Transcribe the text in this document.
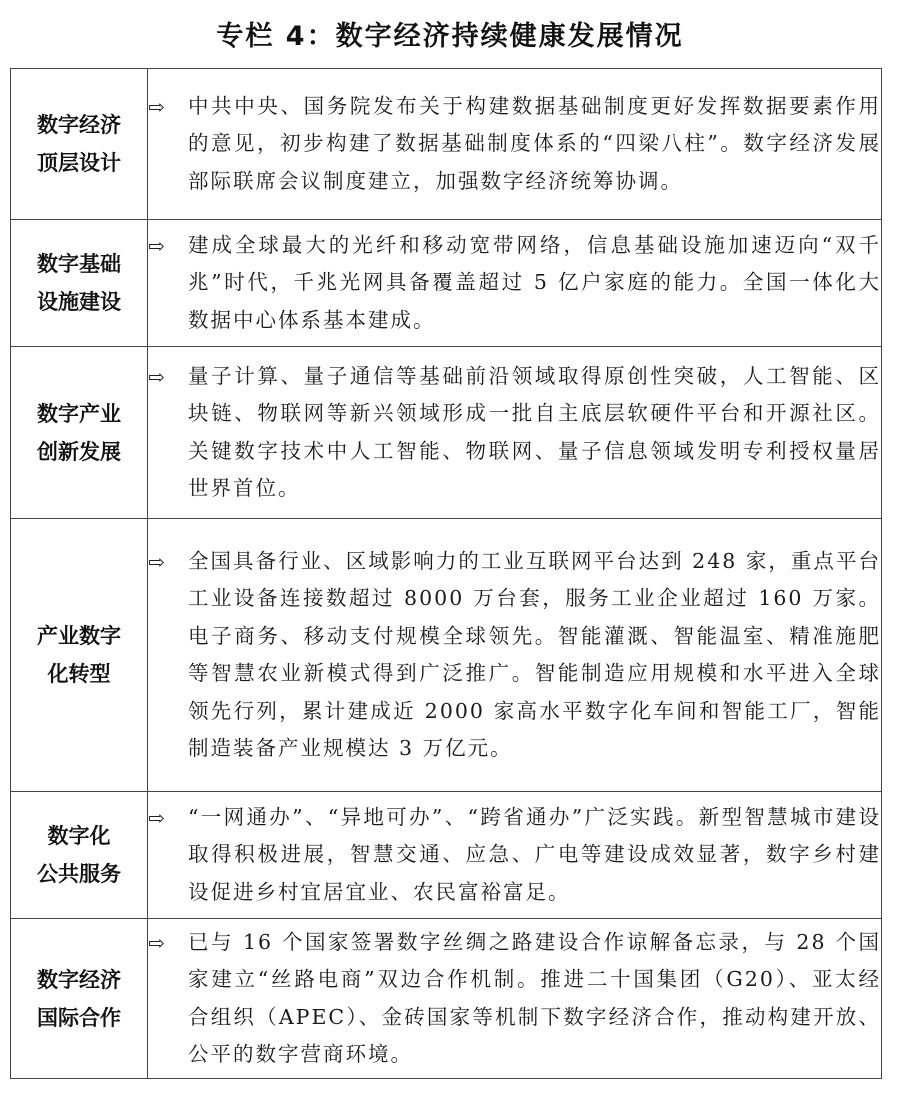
专栏 4：数字经济持续健康发展情况
数字经济
顶层设计	⇨ 中共中央、国务院发布关于构建数据基础制度更好发挥数据要素作用的意见，初步构建了数据基础制度体系的“四梁八柱”。数字经济发展部际联席会议制度建立，加强数字经济统筹协调。

数字基础
设施建设	⇨ 建成全球最大的光纤和移动宽带网络，信息基础设施加速迈向“双千兆”时代，千兆光网具备覆盖超过 5 亿户家庭的能力。全国一体化大数据中心体系基本建成。

数字产业
创新发展	⇨ 量子计算、量子通信等基础前沿领域取得原创性突破，人工智能、区块链、物联网等新兴领域形成一批自主底层软硬件平台和开源社区。关键数字技术中人工智能、物联网、量子信息领域发明专利授权量居世界首位。

产业数字
化转型	⇨ 全国具备行业、区域影响力的工业互联网平台达到 248 家，重点平台工业设备连接数超过 8000 万台套，服务工业企业超过 160 万家。电子商务、移动支付规模全球领先。智能灌溉、智能温室、精准施肥等智慧农业新模式得到广泛推广。智能制造应用规模和水平进入全球领先行列，累计建成近 2000 家高水平数字化车间和智能工厂，智能制造装备产业规模达 3 万亿元。

数字化
公共服务	⇨ “一网通办”、“异地可办”、“跨省通办”广泛实践。新型智慧城市建设取得积极进展，智慧交通、应急、广电等建设成效显著，数字乡村建设促进乡村宜居宜业、农民富裕富足。

数字经济
国际合作	⇨ 已与 16 个国家签署数字丝绸之路建设合作谅解备忘录，与 28 个国家建立“丝路电商”双边合作机制。推进二十国集团（G20）、亚太经合组织（APEC）、金砖国家等机制下数字经济合作，推动构建开放、公平的数字营商环境。
